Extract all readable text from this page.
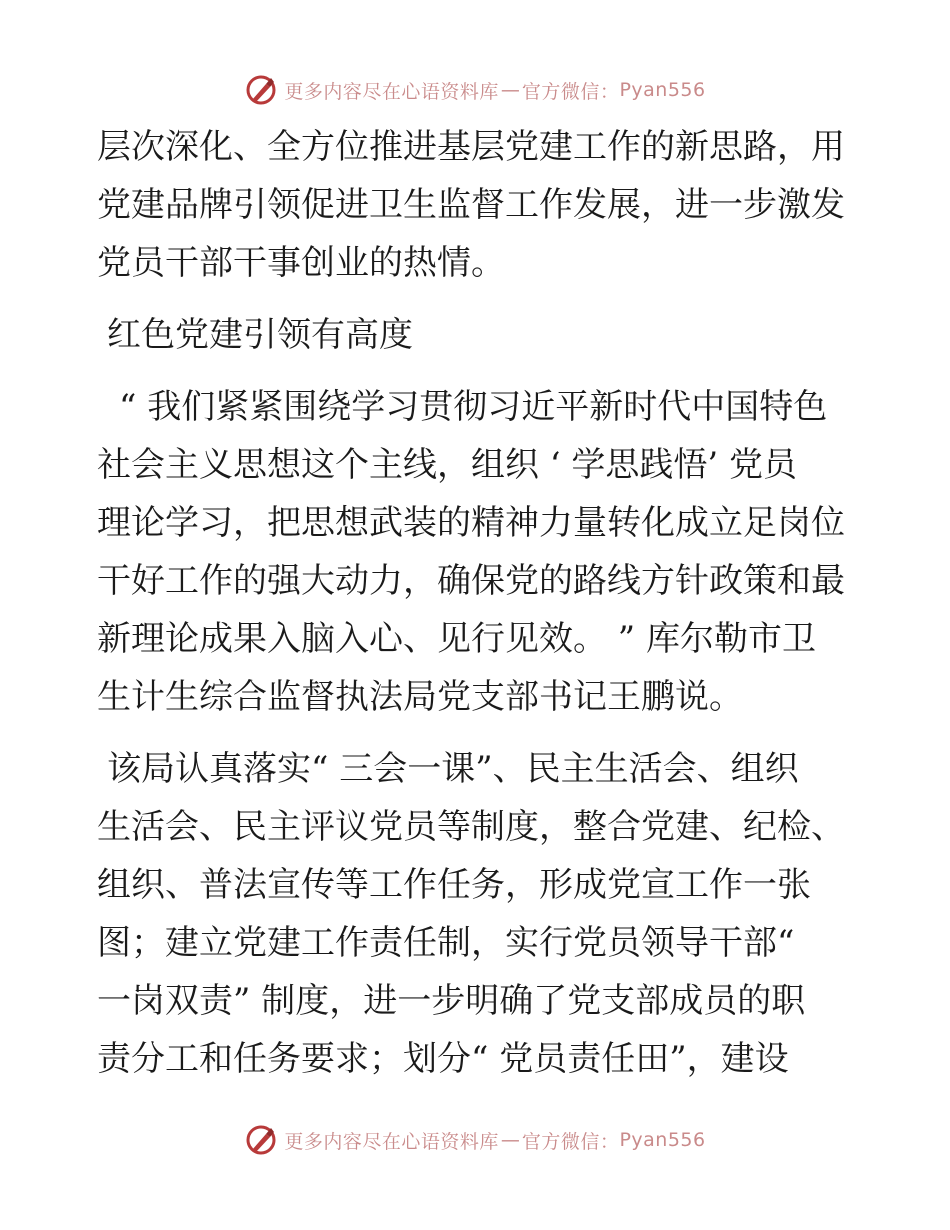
更多内容尽在心语资料库 — 官方微信： Pyan556

层次深化、全方位推进基层党建工作的新思路，用
党建品牌引领促进卫生监督工作发展，进一步激发
党员干部干事创业的热情。

红色党建引领有高度

“ 我们紧紧围绕学习贯彻习近平新时代中国特色
社会主义思想这个主线，组织 ‘ 学思践悟’ 党员
理论学习，把思想武装的精神力量转化成立足岗位
干好工作的强大动力，确保党的路线方针政策和最
新理论成果入脑入心、见行见效。 ” 库尔勒市卫
生计生综合监督执法局党支部书记王鹏说。

该局认真落实“ 三会一课”、民主生活会、组织
生活会、民主评议党员等制度，整合党建、纪检、
组织、普法宣传等工作任务，形成党宣工作一张
图；建立党建工作责任制，实行党员领导干部“
一岗双责” 制度，进一步明确了党支部成员的职
责分工和任务要求；划分“ 党员责任田”，建设

更多内容尽在心语资料库 — 官方微信： Pyan556
